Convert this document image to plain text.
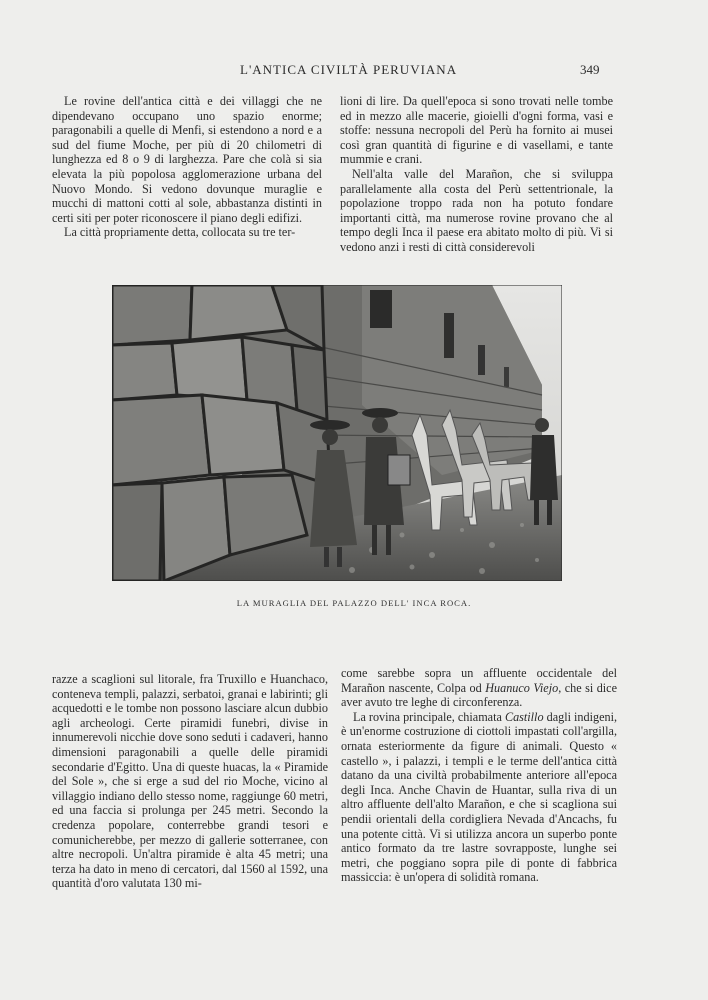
L'ANTICA CIVILTÀ PERUVIANA	349

Le rovine dell'antica città e dei villaggi che ne dipendevano occupano uno spazio enorme; paragonabili a quelle di Menfi, si estendono a nord e a sud del fiume Moche, per più di 20 chilometri di lunghezza ed 8 o 9 di larghezza. Pare che colà si sia elevata la più popolosa agglomerazione urbana del Nuovo Mondo. Si vedono dovunque muraglie e mucchi di mattoni cotti al sole, abbastanza distinti in certi siti per poter riconoscere il piano degli edifizi.

La città propriamente detta, collocata su tre ter-

lioni di lire. Da quell'epoca si sono trovati nelle tombe ed in mezzo alle macerie, gioielli d'ogni forma, vasi e stoffe: nessuna necropoli del Perù ha fornito ai musei così gran quantità di figurine e di vasellami, e tante mummie e crani.

Nell'alta valle del Marañon, che si sviluppa parallelamente alla costa del Perù settentrionale, la popolazione troppo rada non ha potuto fondare importanti città, ma numerose rovine provano che al tempo degli Inca il paese era abitato molto di più. Vi si vedono anzi i resti di città considerevoli

LA MURAGLIA DEL PALAZZO DELL' INCA ROCA.

razze a scaglioni sul litorale, fra Truxillo e Huanchaco, conteneva templi, palazzi, serbatoi, granai e labirinti; gli acquedotti e le tombe non possono lasciare alcun dubbio agli archeologi. Certe piramidi funebri, divise in innumerevoli nicchie dove sono seduti i cadaveri, hanno dimensioni paragonabili a quelle delle piramidi secondarie d'Egitto. Una di queste huacas, la « Piramide del Sole », che si erge a sud del rio Moche, vicino al villaggio indiano dello stesso nome, raggiunge 60 metri, ed una faccia si prolunga per 245 metri. Secondo la credenza popolare, conterrebbe grandi tesori e comunicherebbe, per mezzo di gallerie sotterranee, con altre necropoli. Un'altra piramide è alta 45 metri; una terza ha dato in meno di cercatori, dal 1560 al 1592, una quantità d'oro valutata 130 mi-

come sarebbe sopra un affluente occidentale del Marañon nascente, Colpa od Huanuco Viejo, che si dice aver avuto tre leghe di circonferenza.

La rovina principale, chiamata Castillo dagli indigeni, è un'enorme costruzione di ciottoli impastati coll'argilla, ornata esteriormente da figure di animali. Questo « castello », i palazzi, i templi e le terme dell'antica città datano da una civiltà probabilmente anteriore all'epoca degli Inca. Anche Chavin de Huantar, sulla riva di un altro affluente dell'alto Marañon, e che si scagliona sui pendii orientali della cordigliera Nevada d'Ancachs, fu una potente città. Vi si utilizza ancora un superbo ponte antico formato da tre lastre sovrapposte, lunghe sei metri, che poggiano sopra pile di ponte di fabbrica massiccia: è un'opera di solidità romana.
